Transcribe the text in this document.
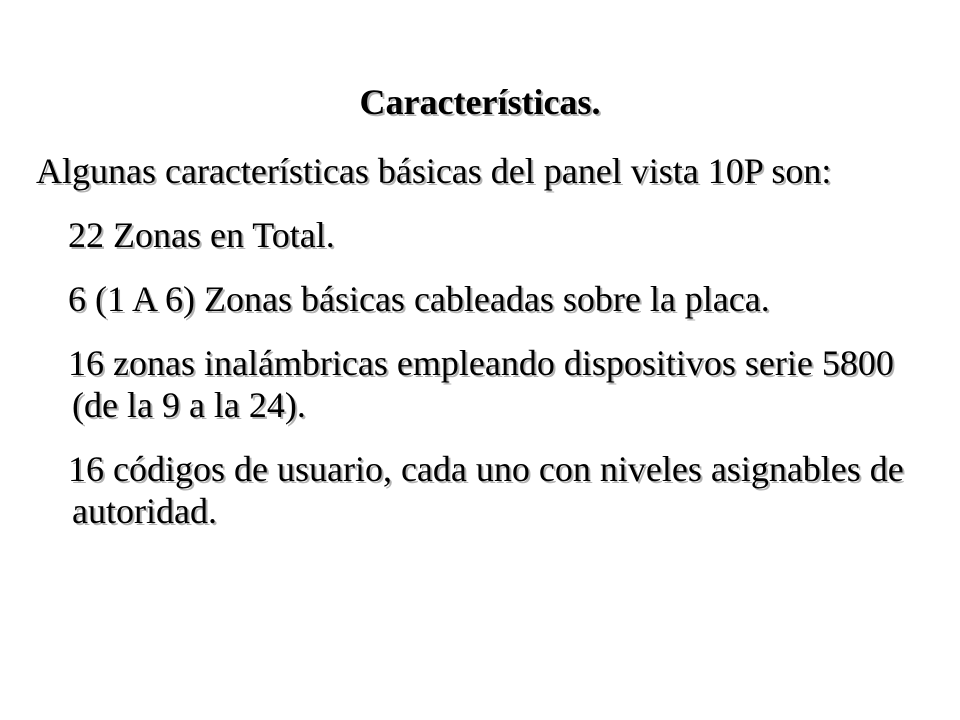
Características.

Algunas características básicas del panel vista 10P son:

22 Zonas en Total.

6 (1 A 6) Zonas básicas cableadas sobre la placa.

16 zonas inalámbricas empleando dispositivos serie 5800 (de la 9 a la 24).

16 códigos de usuario, cada uno con niveles asignables de autoridad.
